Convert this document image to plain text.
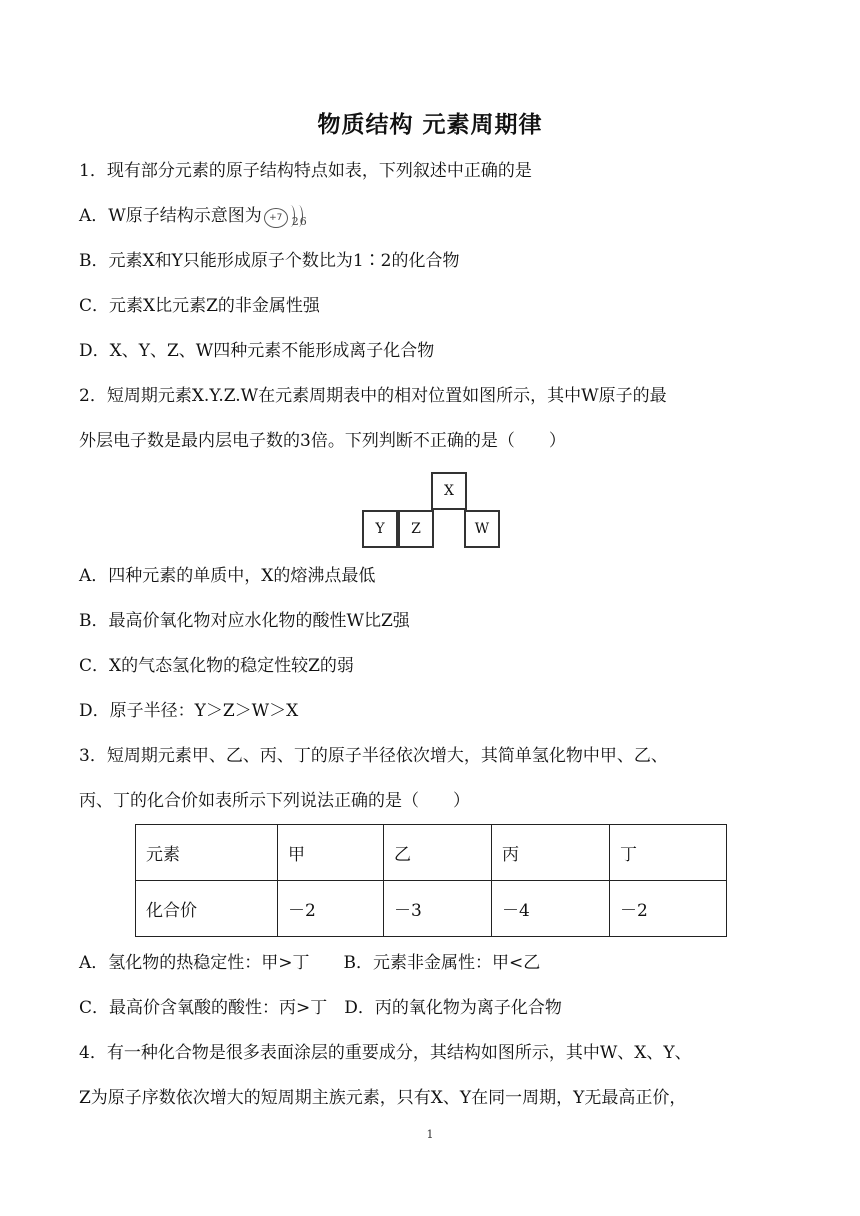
物质结构 元素周期律
1．现有部分元素的原子结构特点如表，下列叙述中正确的是
A．W原子结构示意图为 +7 2 6
B．元素X和Y只能形成原子个数比为1∶2的化合物
C．元素X比元素Z的非金属性强
D．X、Y、Z、W四种元素不能形成离子化合物
2．短周期元素X.Y.Z.W在元素周期表中的相对位置如图所示，其中W原子的最
外层电子数是最内层电子数的3倍。下列判断不正确的是（　　）
X
Y	Z	W
A．四种元素的单质中，X的熔沸点最低
B．最高价氧化物对应水化物的酸性W比Z强
C．X的气态氢化物的稳定性较Z的弱
D．原子半径：Y＞Z＞W＞X
3．短周期元素甲、乙、丙、丁的原子半径依次增大，其简单氢化物中甲、乙、
丙、丁的化合价如表所示下列说法正确的是（　　）
元素	甲	乙	丙	丁
化合价	－2	－3	－4	－2
A．氢化物的热稳定性：甲>丁　　B．元素非金属性：甲<乙
C．最高价含氧酸的酸性：丙>丁　D．丙的氧化物为离子化合物
4．有一种化合物是很多表面涂层的重要成分，其结构如图所示，其中W、X、Y、
Z为原子序数依次增大的短周期主族元素，只有X、Y在同一周期，Y无最高正价，
1
